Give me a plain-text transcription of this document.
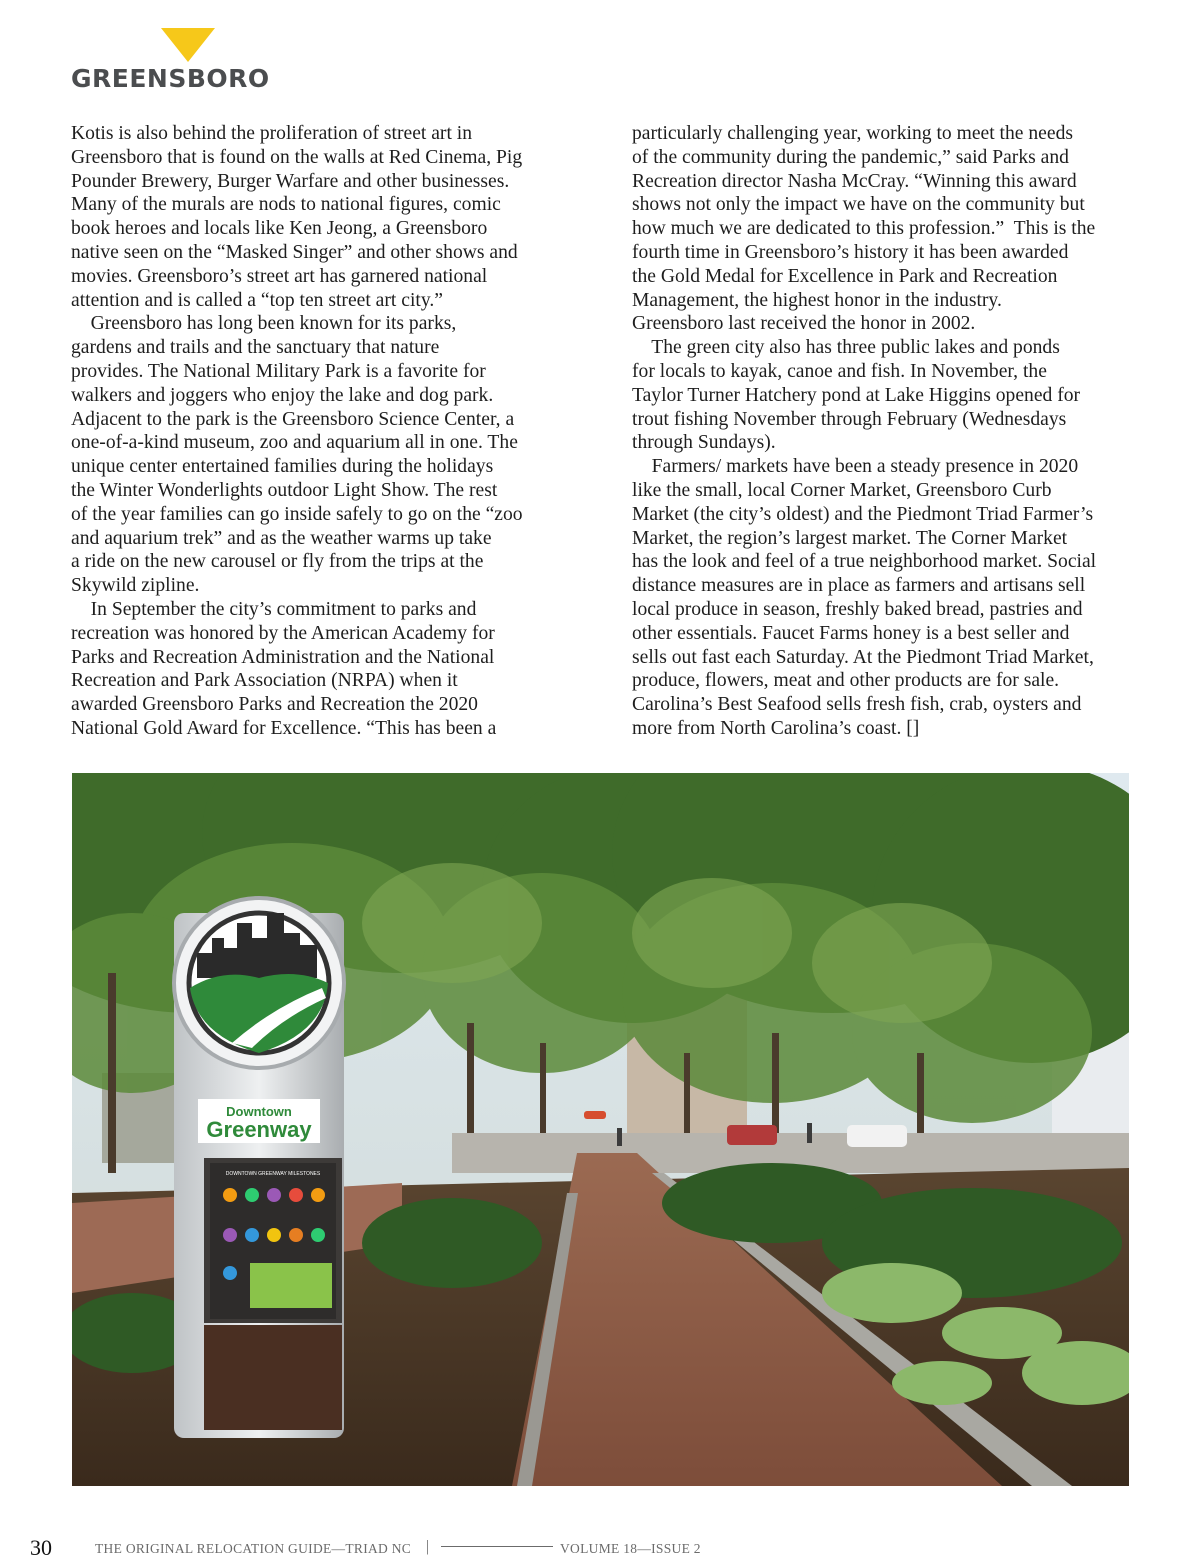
GREENSBORO
Kotis is also behind the proliferation of street art in
Greensboro that is found on the walls at Red Cinema, Pig
Pounder Brewery, Burger Warfare and other businesses.
Many of the murals are nods to national figures, comic
book heroes and locals like Ken Jeong, a Greensboro
native seen on the “Masked Singer” and other shows and
movies. Greensboro’s street art has garnered national
attention and is called a “top ten street art city.”
Greensboro has long been known for its parks,
gardens and trails and the sanctuary that nature
provides. The National Military Park is a favorite for
walkers and joggers who enjoy the lake and dog park.
Adjacent to the park is the Greensboro Science Center, a
one-of-a-kind museum, zoo and aquarium all in one. The
unique center entertained families during the holidays
the Winter Wonderlights outdoor Light Show. The rest
of the year families can go inside safely to go on the “zoo
and aquarium trek” and as the weather warms up take
a ride on the new carousel or fly from the trips at the
Skywild zipline.
In September the city’s commitment to parks and
recreation was honored by the American Academy for
Parks and Recreation Administration and the National
Recreation and Park Association (NRPA) when it
awarded Greensboro Parks and Recreation the 2020
National Gold Award for Excellence. “This has been a
particularly challenging year, working to meet the needs
of the community during the pandemic,” said Parks and
Recreation director Nasha McCray. “Winning this award
shows not only the impact we have on the community but
how much we are dedicated to this profession.”  This is the
fourth time in Greensboro’s history it has been awarded
the Gold Medal for Excellence in Park and Recreation
Management, the highest honor in the industry.
Greensboro last received the honor in 2002.
The green city also has three public lakes and ponds
for locals to kayak, canoe and fish. In November, the
Taylor Turner Hatchery pond at Lake Higgins opened for
trout fishing November through February (Wednesdays
through Sundays).
Farmers/ markets have been a steady presence in 2020
like the small, local Corner Market, Greensboro Curb
Market (the city’s oldest) and the Piedmont Triad Farmer’s
Market, the region’s largest market. The Corner Market
has the look and feel of a true neighborhood market. Social
distance measures are in place as farmers and artisans sell
local produce in season, freshly baked bread, pastries and
other essentials. Faucet Farms honey is a best seller and
sells out fast each Saturday. At the Piedmont Triad Market,
produce, flowers, meat and other products are for sale.
Carolina’s Best Seafood sells fresh fish, crab, oysters and
more from North Carolina’s coast. []
Downtown
Greenway
DOWNTOWN GREENWAY MILESTONES
30	THE ORIGINAL RELOCATION GUIDE—TRIAD NC |	VOLUME 18—ISSUE 2
